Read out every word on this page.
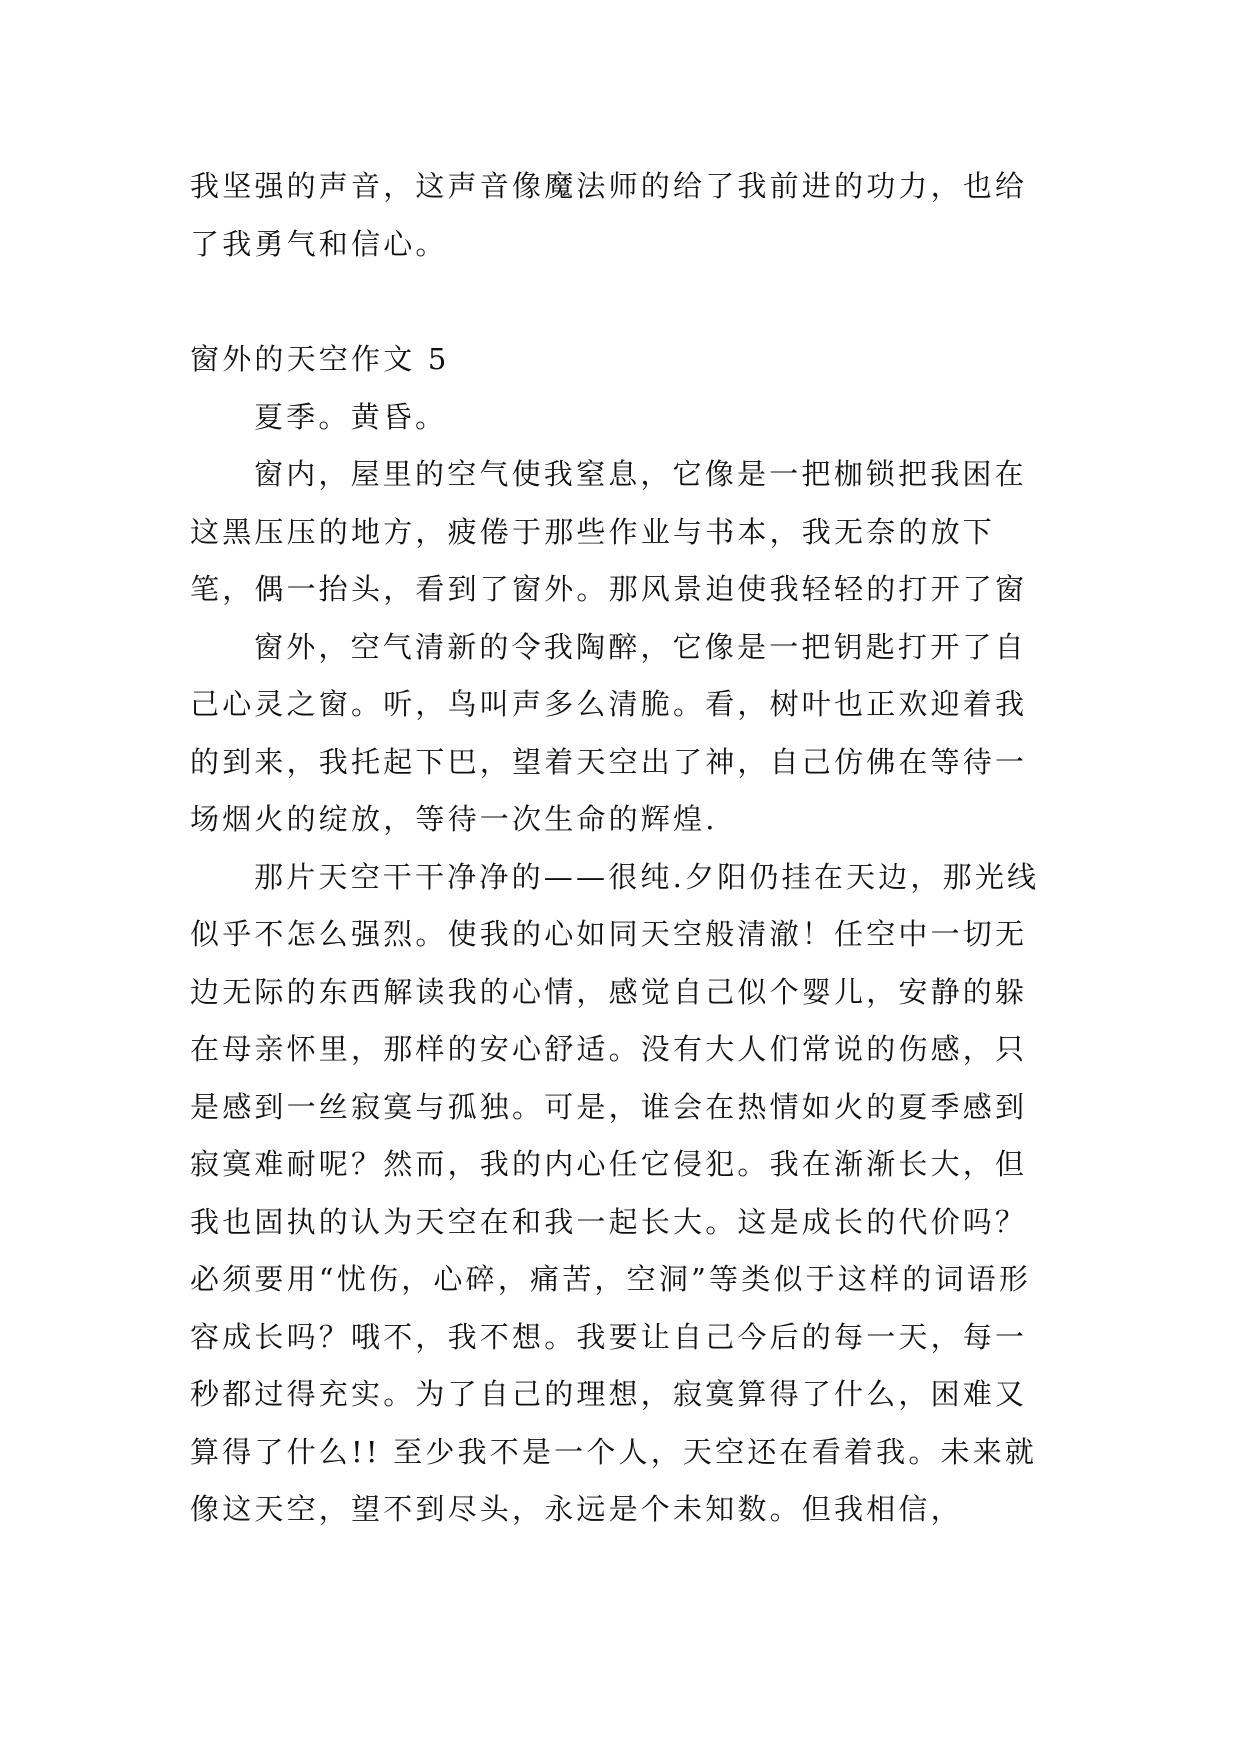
我坚强的声音，这声音像魔法师的给了我前进的功力，也给了我勇气和信心。

窗外的天空作文 5

夏季。黄昏。

窗内，屋里的空气使我窒息，它像是一把枷锁把我困在这黑压压的地方，疲倦于那些作业与书本，我无奈的放下笔，偶一抬头，看到了窗外。那风景迫使我轻轻的打开了窗

窗外，空气清新的令我陶醉，它像是一把钥匙打开了自己心灵之窗。听，鸟叫声多么清脆。看，树叶也正欢迎着我的到来，我托起下巴，望着天空出了神，自己仿佛在等待一场烟火的绽放，等待一次生命的辉煌.

那片天空干干净净的——很纯.夕阳仍挂在天边，那光线似乎不怎么强烈。使我的心如同天空般清澈！任空中一切无边无际的东西解读我的心情，感觉自己似个婴儿，安静的躲在母亲怀里，那样的安心舒适。没有大人们常说的伤感，只是感到一丝寂寞与孤独。可是，谁会在热情如火的夏季感到寂寞难耐呢？然而，我的内心任它侵犯。我在渐渐长大，但我也固执的认为天空在和我一起长大。这是成长的代价吗？必须要用“忧伤，心碎，痛苦，空洞”等类似于这样的词语形容成长吗？哦不，我不想。我要让自己今后的每一天，每一秒都过得充实。为了自己的理想，寂寞算得了什么，困难又算得了什么!! 至少我不是一个人，天空还在看着我。未来就像这天空，望不到尽头，永远是个未知数。但我相信，
